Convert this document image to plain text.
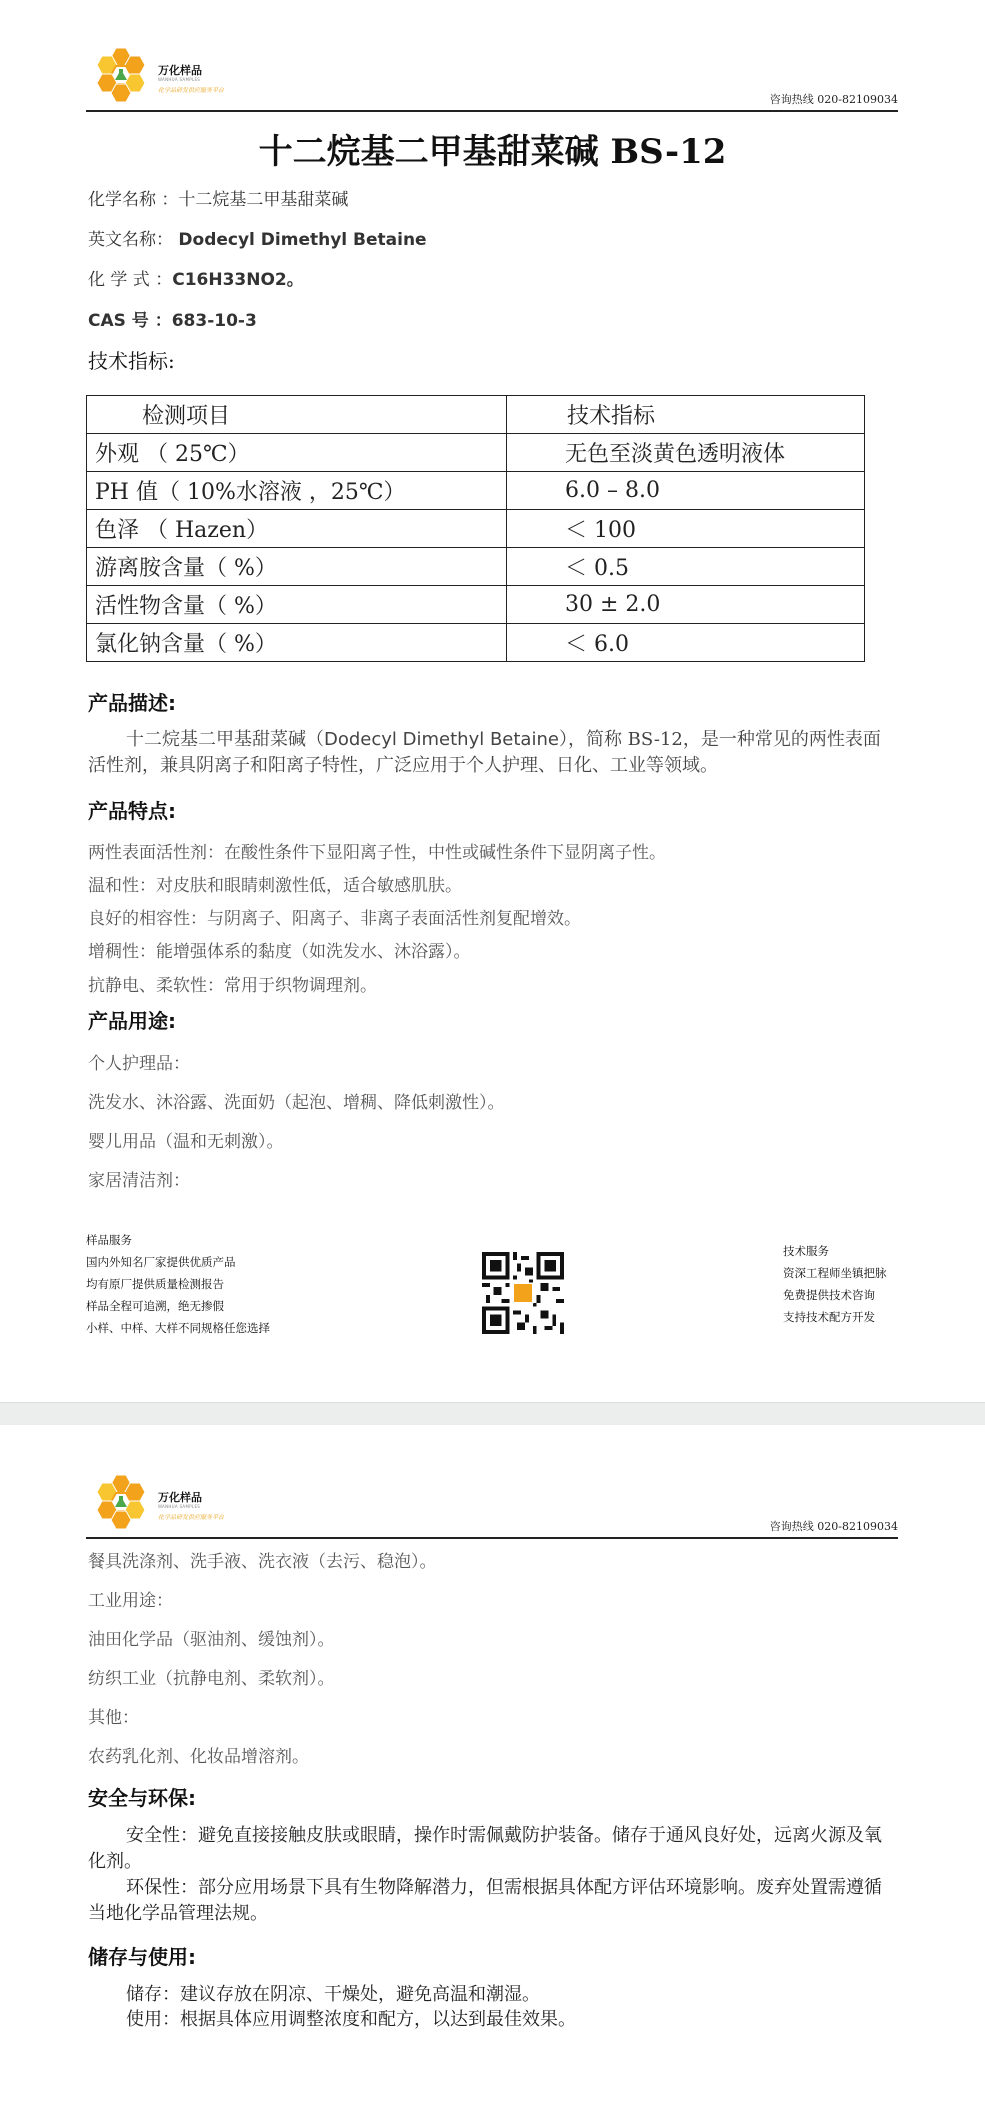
万化样品
WANHUA SAMPLES
化学品研发供应服务平台
咨询热线 020-82109034
十二烷基二甲基甜菜碱 BS-12
化学名称 ：十二烷基二甲基甜菜碱
英文名称： Dodecyl Dimethyl Betaine
化 学 式 ：C16H33NO2。
CAS 号 ：683-10-3
技术指标:
检测项目	技术指标
外观 （ 25℃）	无色至淡黄色透明液体
PH 值（ 10%水溶液 ，25℃）	6.0 – 8.0
色泽 （ Hazen）	＜ 100
游离胺含量（ %）	＜ 0.5
活性物含量（ %）	30 ± 2.0
氯化钠含量（ %）	＜ 6.0
产品描述:
十二烷基二甲基甜菜碱（Dodecyl Dimethyl Betaine），简称 BS-12，是一种常见的两性表面活性剂，兼具阴离子和阳离子特性，广泛应用于个人护理、日化、工业等领域。
产品特点:
两性表面活性剂：在酸性条件下显阳离子性，中性或碱性条件下显阴离子性。
温和性：对皮肤和眼睛刺激性低，适合敏感肌肤。
良好的相容性：与阴离子、阳离子、非离子表面活性剂复配增效。
增稠性：能增强体系的黏度（如洗发水、沐浴露）。
抗静电、柔软性：常用于织物调理剂。
产品用途:
个人护理品：
洗发水、沐浴露、洗面奶（起泡、增稠、降低刺激性）。
婴儿用品（温和无刺激）。
家居清洁剂：
样品服务
国内外知名厂家提供优质产品
均有原厂提供质量检测报告
样品全程可追溯，绝无掺假
小样、中样、大样不同规格任您选择
技术服务
资深工程师坐镇把脉
免费提供技术咨询
支持技术配方开发
万化样品
WANHUA SAMPLES
化学品研发供应服务平台
咨询热线 020-82109034
餐具洗涤剂、洗手液、洗衣液（去污、稳泡）。
工业用途：
油田化学品（驱油剂、缓蚀剂）。
纺织工业（抗静电剂、柔软剂）。
其他：
农药乳化剂、化妆品增溶剂。
安全与环保:
安全性：避免直接接触皮肤或眼睛，操作时需佩戴防护装备。储存于通风良好处，远离火源及氧化剂。
环保性：部分应用场景下具有生物降解潜力，但需根据具体配方评估环境影响。废弃处置需遵循当地化学品管理法规。
储存与使用:
储存：建议存放在阴凉、干燥处，避免高温和潮湿。
使用：根据具体应用调整浓度和配方，以达到最佳效果。
